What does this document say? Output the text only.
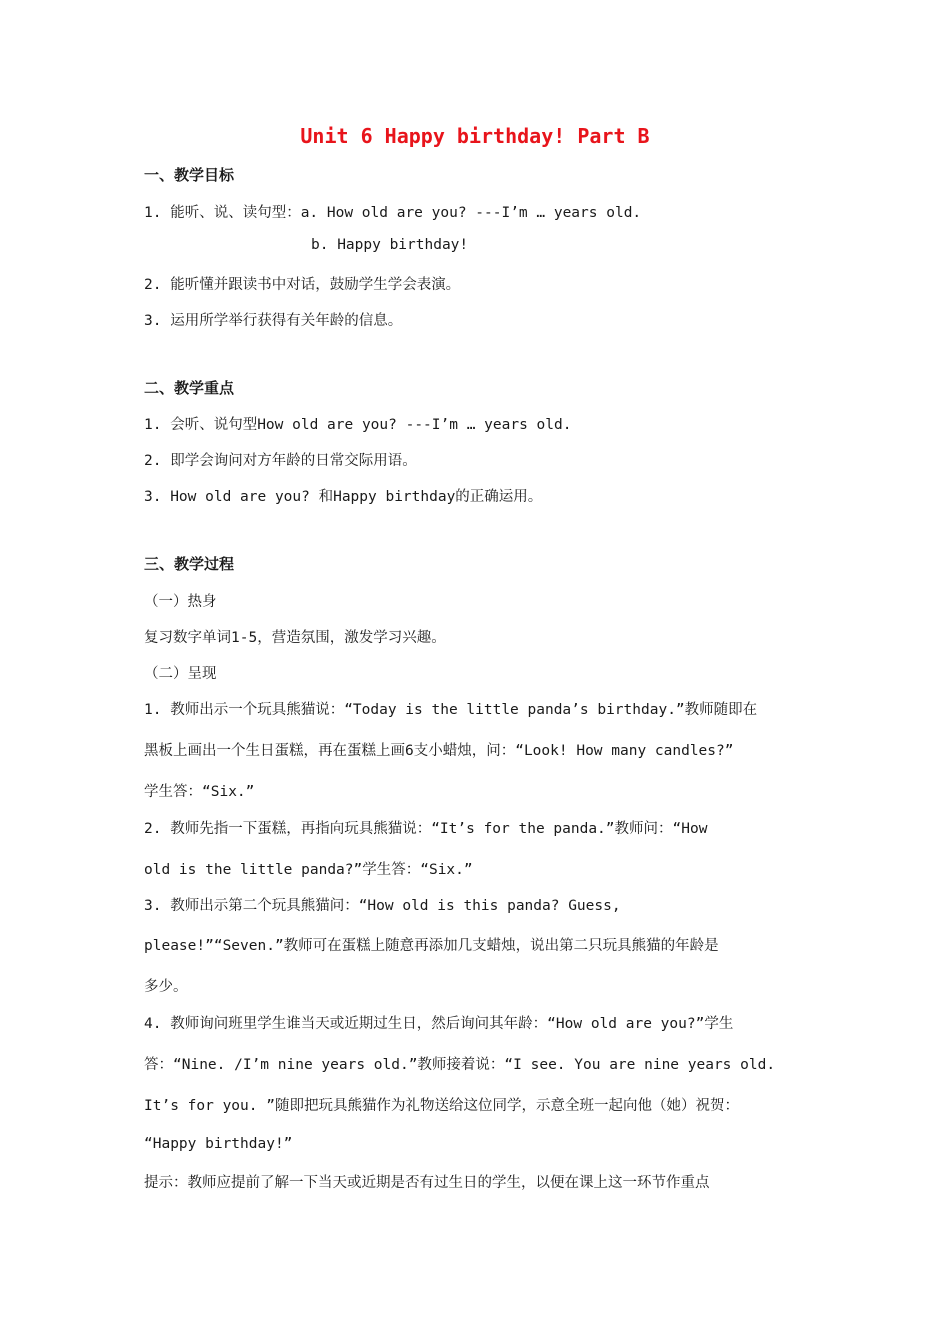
Unit 6 Happy birthday! Part B
一、教学目标
1. 能听、说、读句型：a. How old are you? ---I’m … years old.
b. Happy birthday!
2. 能听懂并跟读书中对话，鼓励学生学会表演。
3. 运用所学举行获得有关年龄的信息。
二、教学重点
1. 会听、说句型How old are you? ---I’m … years old.
2. 即学会询问对方年龄的日常交际用语。
3. How old are you? 和Happy birthday的正确运用。
三、教学过程
（一）热身
复习数字单词1-5，营造氛围，激发学习兴趣。
（二）呈现
1. 教师出示一个玩具熊猫说：“Today is the little panda’s birthday.”教师随即在
黑板上画出一个生日蛋糕，再在蛋糕上画6支小蜡烛，问：“Look! How many candles?”
学生答：“Six.”
2. 教师先指一下蛋糕，再指向玩具熊猫说：“It’s for the panda.”教师问：“How
old is the little panda?”学生答：“Six.”
3. 教师出示第二个玩具熊猫问：“How old is this panda? Guess,
please!”“Seven.”教师可在蛋糕上随意再添加几支蜡烛，说出第二只玩具熊猫的年龄是
多少。
4. 教师询问班里学生谁当天或近期过生日，然后询问其年龄：“How old are you?”学生
答：“Nine. /I’m nine years old.”教师接着说：“I see. You are nine years old.
It’s for you. ”随即把玩具熊猫作为礼物送给这位同学，示意全班一起向他（她）祝贺：
“Happy birthday!”
提示：教师应提前了解一下当天或近期是否有过生日的学生，以便在课上这一环节作重点
